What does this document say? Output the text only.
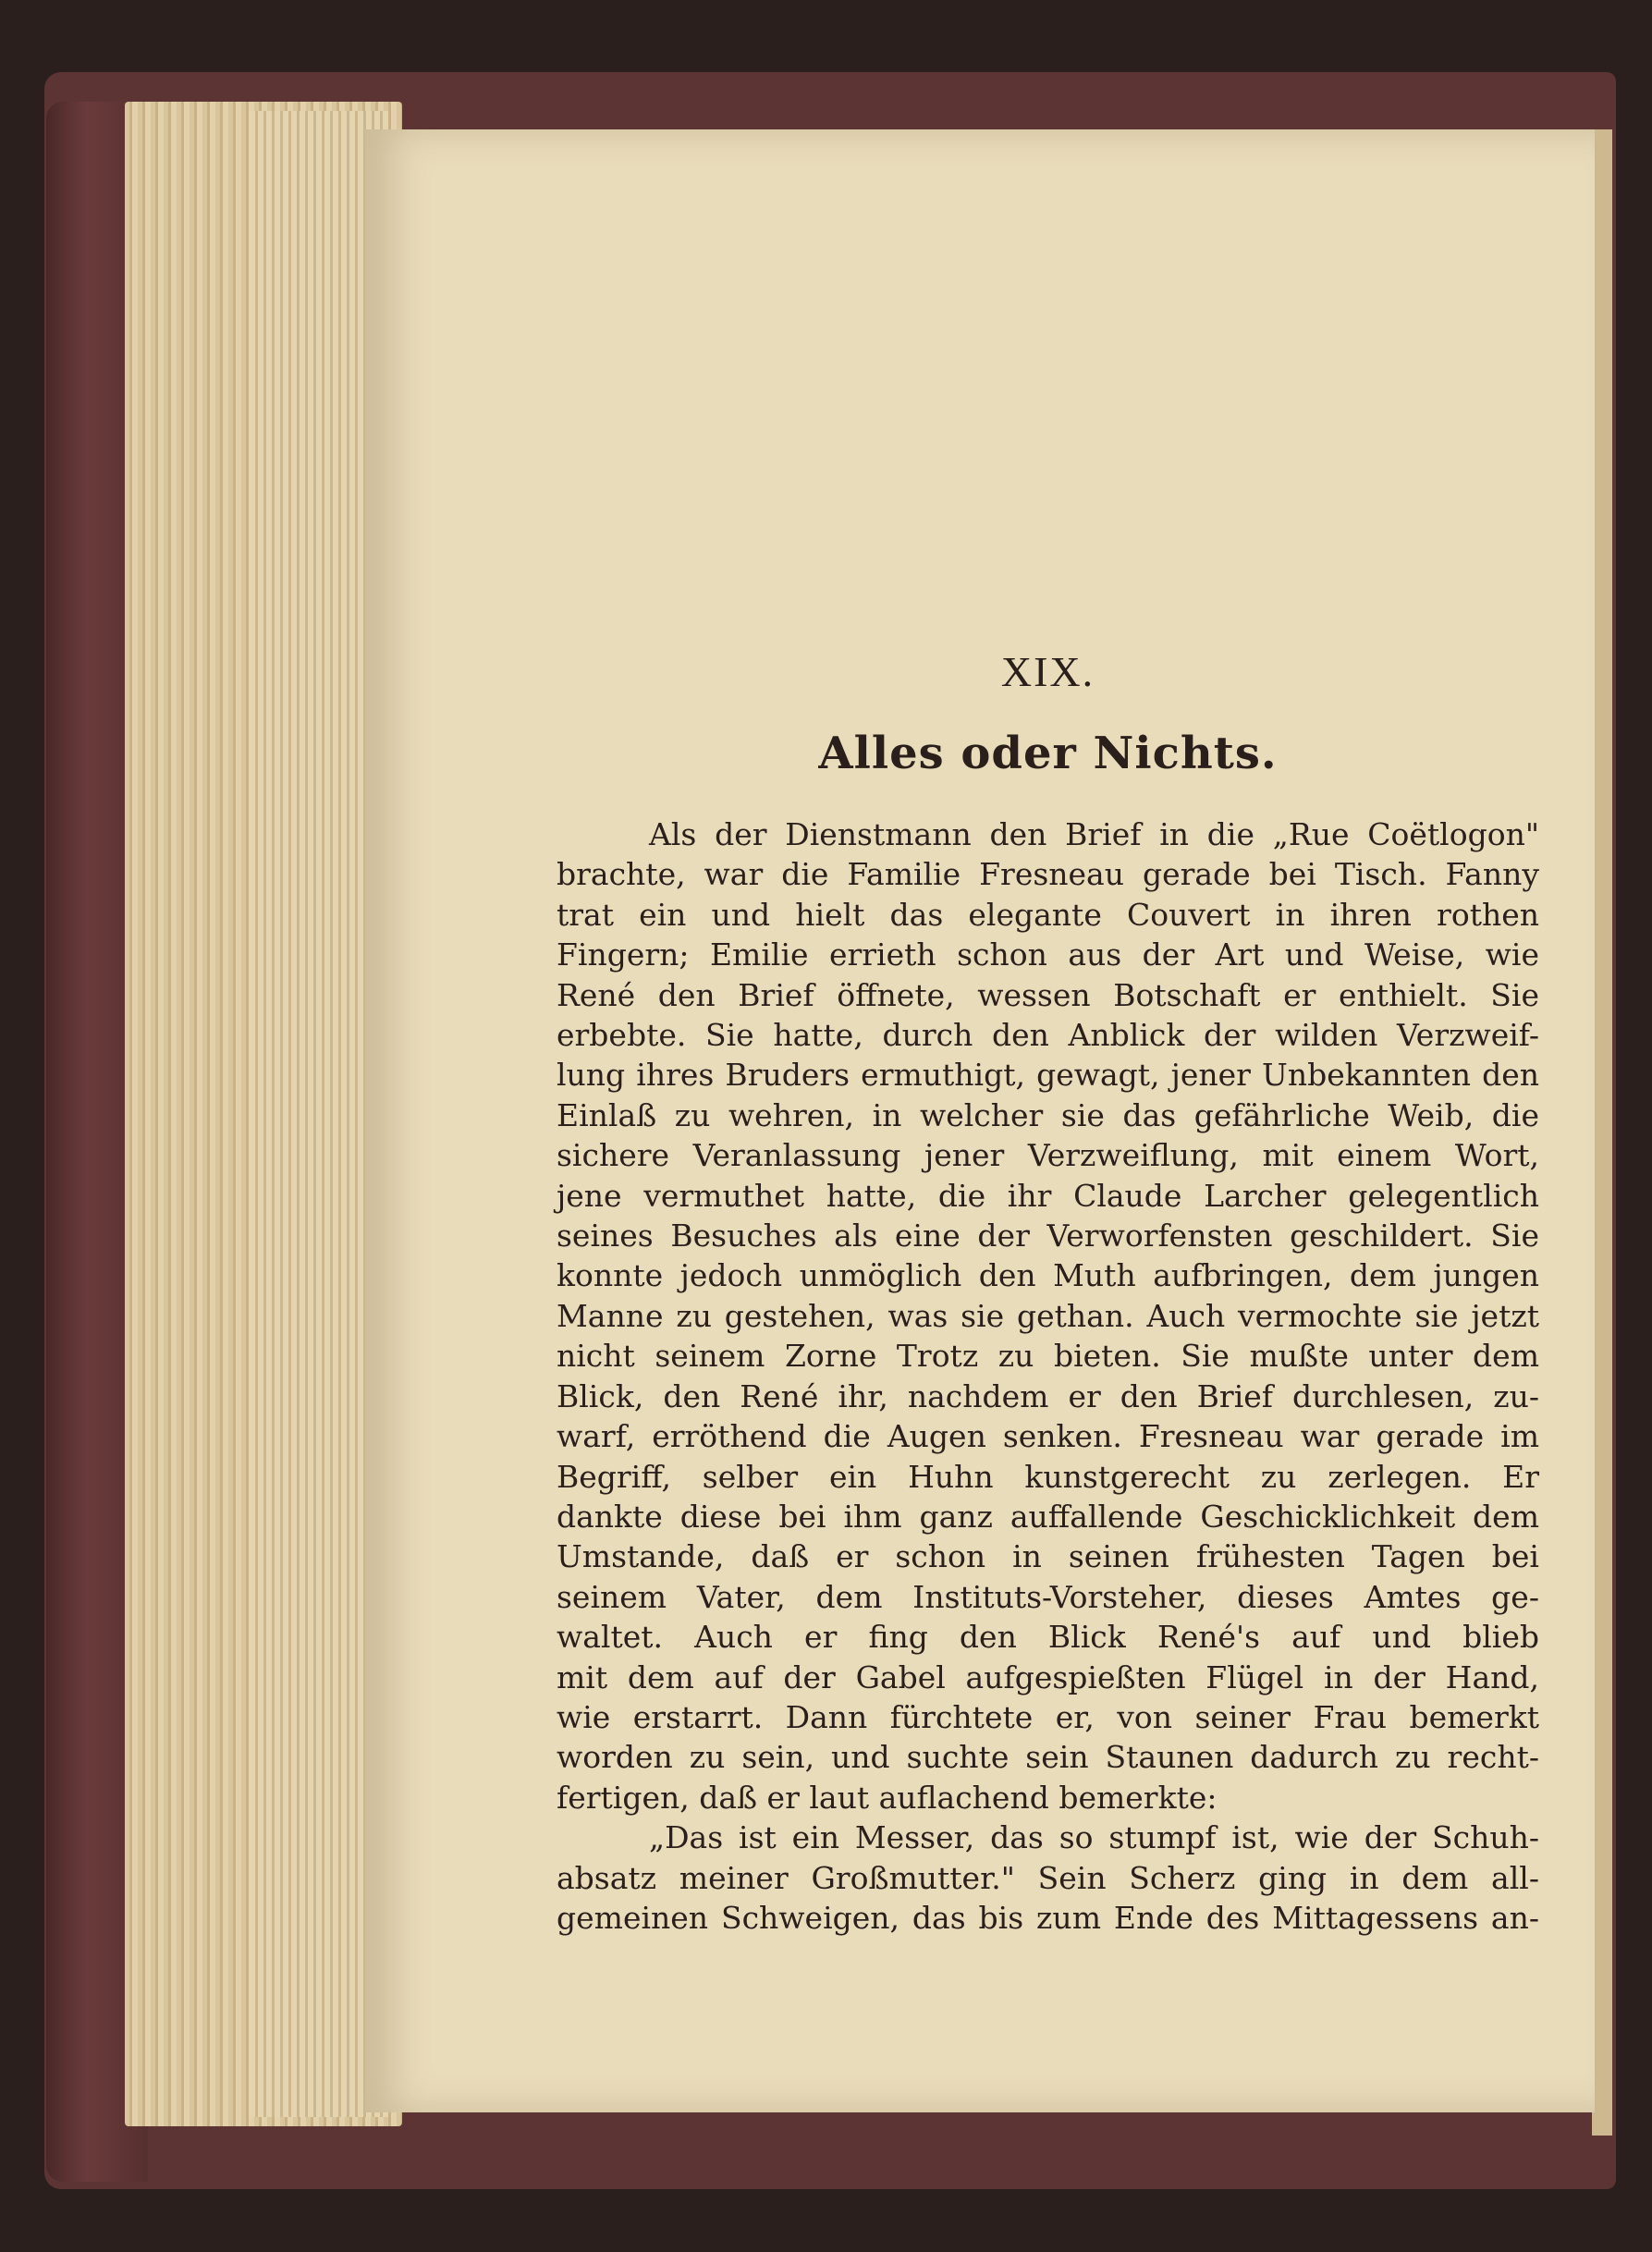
XIX.
Alles oder Nichts.
Als der Dienstmann den Brief in die „Rue Coëtlogon"
brachte, war die Familie Fresneau gerade bei Tisch. Fanny
trat ein und hielt das elegante Couvert in ihren rothen
Fingern; Emilie errieth schon aus der Art und Weise, wie
René den Brief öffnete, wessen Botschaft er enthielt. Sie
erbebte. Sie hatte, durch den Anblick der wilden Verzweif-
lung ihres Bruders ermuthigt, gewagt, jener Unbekannten den
Einlaß zu wehren, in welcher sie das gefährliche Weib, die
sichere Veranlassung jener Verzweiflung, mit einem Wort,
jene vermuthet hatte, die ihr Claude Larcher gelegentlich
seines Besuches als eine der Verworfensten geschildert. Sie
konnte jedoch unmöglich den Muth aufbringen, dem jungen
Manne zu gestehen, was sie gethan. Auch vermochte sie jetzt
nicht seinem Zorne Trotz zu bieten. Sie mußte unter dem
Blick, den René ihr, nachdem er den Brief durchlesen, zu-
warf, erröthend die Augen senken. Fresneau war gerade im
Begriff, selber ein Huhn kunstgerecht zu zerlegen. Er
dankte diese bei ihm ganz auffallende Geschicklichkeit dem
Umstande, daß er schon in seinen frühesten Tagen bei
seinem Vater, dem Instituts-Vorsteher, dieses Amtes ge-
waltet. Auch er fing den Blick René's auf und blieb
mit dem auf der Gabel aufgespießten Flügel in der Hand,
wie erstarrt. Dann fürchtete er, von seiner Frau bemerkt
worden zu sein, und suchte sein Staunen dadurch zu recht-
fertigen, daß er laut auflachend bemerkte:
„Das ist ein Messer, das so stumpf ist, wie der Schuh-
absatz meiner Großmutter." Sein Scherz ging in dem all-
gemeinen Schweigen, das bis zum Ende des Mittagessens an-
